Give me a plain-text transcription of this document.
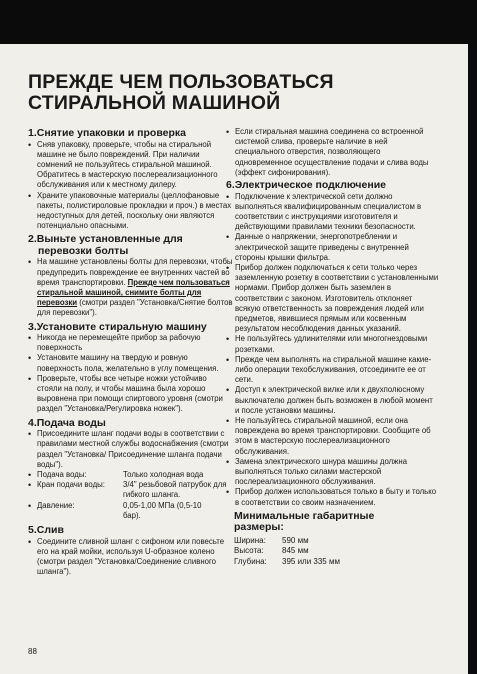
ПРЕЖДЕ ЧЕМ ПОЛЬЗОВАТЬСЯ
СТИРАЛЬНОЙ МАШИНОЙ
1.Снятие упаковки и проверка
• Сняв упаковку, проверьте, чтобы на стиральной машине не было повреждений. При наличии сомнений не пользуйтесь стиральной машиной. Обратитесь в мастерскую послереализационного обслуживания или к местному дилеру.
• Храните упаковочные материалы (целлофановые пакеты, полистироловые прокладки и проч.) в местах недоступных для детей, поскольку они являются потенциально опасными.
2.Выньте установленные для
перевозки болты
• На машине установлены болты для перевозки, чтобы предупредить повреждение ее внутренних частей во время транспортировки. Прежде чем пользоваться стиральной машиной, снимите болты для перевозки (смотри раздел "Установка/Снятие болтов для перевозки").
3.Установите стиральную машину
• Никогда не перемещейте прибор за рабочую поверхность
• Установите машину на твердую и ровную поверхность пола, желательно в углу помещения.
• Проверьте, чтобы все четыре ножки устойчиво стояли на полу, и чтобы машина была хорошо выровнена при помощи спиртового уровня (смотри раздел "Установка/Регулировка ножек").
4.Подача воды
• Присоедините шланг подачи воды в соответствии с правилами местной службы водоснабжения (смотри раздел "Установка/ Присоединение шланга подачи воды").
• Подача воды:	Только холодная вода
• Кран подачи воды:	3/4" резьбовой патрубок для гибкого шланга.
• Давление:	0,05-1,00 МПа (0,5-10 бар).
5.Слив
• Соедините сливной шланг с сифоном или повесьте его на край мойки, используя U-образное колено (смотри раздел "Установка/Соединение сливного шланга").
• Если стиральная машина соединена со встроенной системой слива, проверьте наличие в ней специального отверстия, позволяющего одновременное осуществление подачи и слива воды (эффект сифонирования).
6.Электрическое подключение
• Подключение к электрической сети должно выполняться квалифицированным специалистом в соответствии с инструкциями изготовителя и действующими правилами техники безопасности.
• Данные о напряжении, энергопотреблении и электрической защите приведены с внутренней стороны крышки фильтра.
• Прибор должен подключаться к сети только через заземленную розетку в соответствии с установленными нормами. Прибор должен быть заземлен в соответствии с законом. Изготовитель отклоняет всякую ответственность за повреждения людей или предметов, явившиеся прямым или косвенным результатом несоблюдения данных указаний.
• Не пользуйтесь удлинителями или многогнездовыми розетками.
• Прежде чем выполнять на стиральной машине какие-либо операции техобслуживания, отсоедините ее от сети.
• Доступ к электрической вилке или к двухполюсному выключателю должен быть возможен в любой момент и после установки машины.
• Не пользуйтесь стиральной машиной, если она повреждена во время транспортировки. Сообщите об этом в мастерскую послереализационного обслуживания.
• Замена электрического шнура машины должна выполняться только силами мастерской послереализационного обслуживания.
• Прибор должен использоваться только в быту и только в соответствии со своим назначением.
Минимальные габаритные
размеры:
Ширина:	590 мм
Высота:	845 мм
Глубина:	395 или 335 мм
88
